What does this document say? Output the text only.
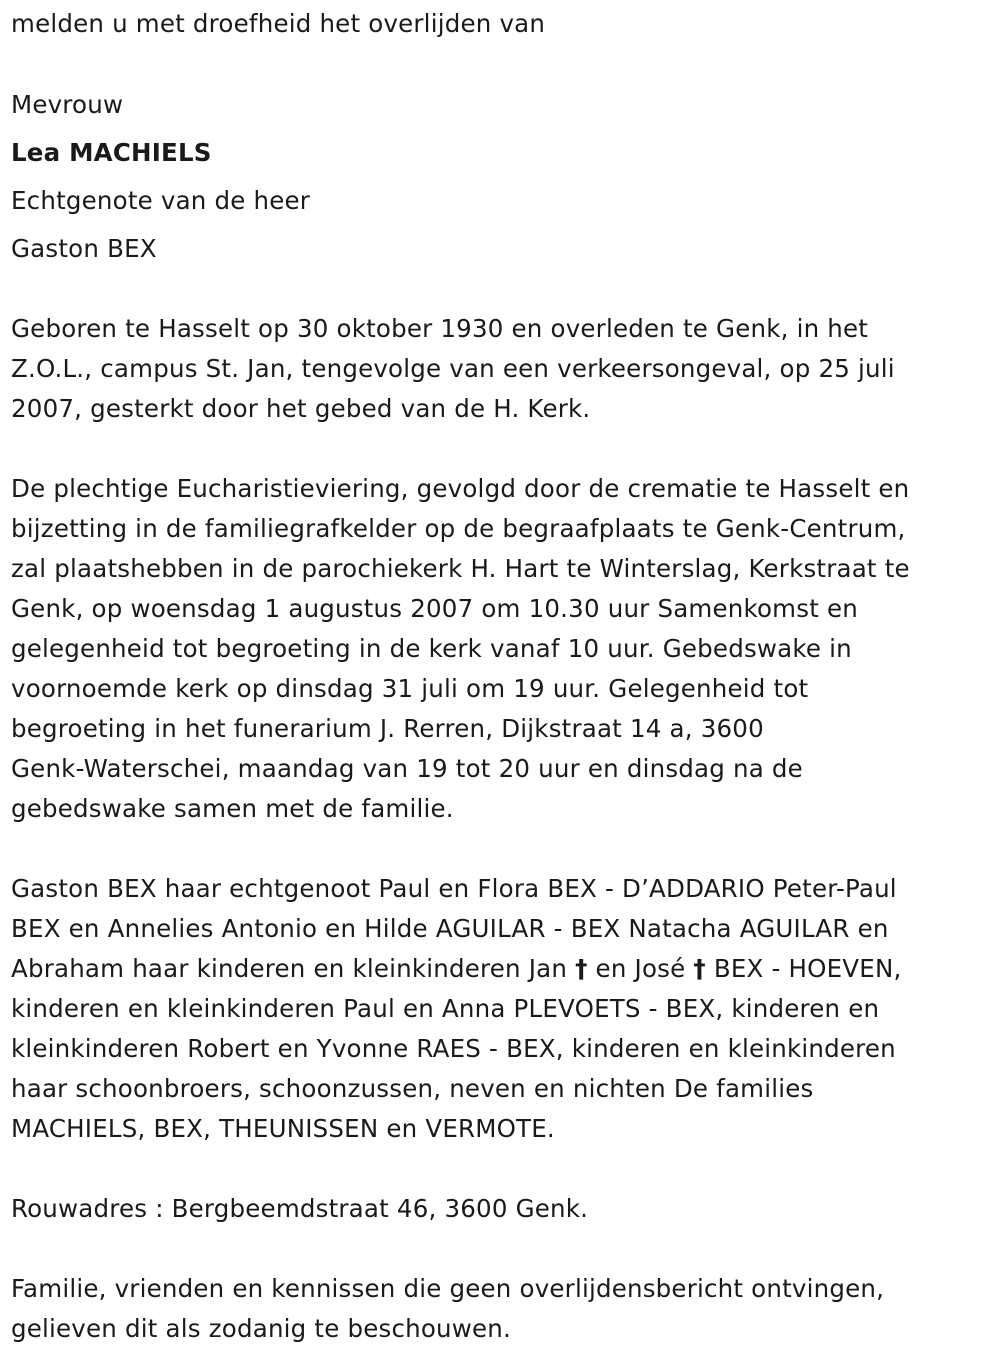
melden u met droefheid het overlijden van
Mevrouw
Lea MACHIELS
Echtgenote van de heer
Gaston BEX
Geboren te Hasselt op 30 oktober 1930 en overleden te Genk, in het
Z.O.L., campus St. Jan, tengevolge van een verkeersongeval, op 25 juli
2007, gesterkt door het gebed van de H. Kerk.
De plechtige Eucharistieviering, gevolgd door de crematie te Hasselt en
bijzetting in de familiegrafkelder op de begraafplaats te Genk-Centrum,
zal plaatshebben in de parochiekerk H. Hart te Winterslag, Kerkstraat te
Genk, op woensdag 1 augustus 2007 om 10.30 uur Samenkomst en
gelegenheid tot begroeting in de kerk vanaf 10 uur. Gebedswake in
voornoemde kerk op dinsdag 31 juli om 19 uur. Gelegenheid tot
begroeting in het funerarium J. Rerren, Dijkstraat 14 a, 3600
Genk-Waterschei, maandag van 19 tot 20 uur en dinsdag na de
gebedswake samen met de familie.
Gaston BEX haar echtgenoot Paul en Flora BEX - D’ADDARIO Peter-Paul
BEX en Annelies Antonio en Hilde AGUILAR - BEX Natacha AGUILAR en
Abraham haar kinderen en kleinkinderen Jan † en José † BEX - HOEVEN,
kinderen en kleinkinderen Paul en Anna PLEVOETS - BEX, kinderen en
kleinkinderen Robert en Yvonne RAES - BEX, kinderen en kleinkinderen
haar schoonbroers, schoonzussen, neven en nichten De families
MACHIELS, BEX, THEUNISSEN en VERMOTE.
Rouwadres : Bergbeemdstraat 46, 3600 Genk.
Familie, vrienden en kennissen die geen overlijdensbericht ontvingen,
gelieven dit als zodanig te beschouwen.
